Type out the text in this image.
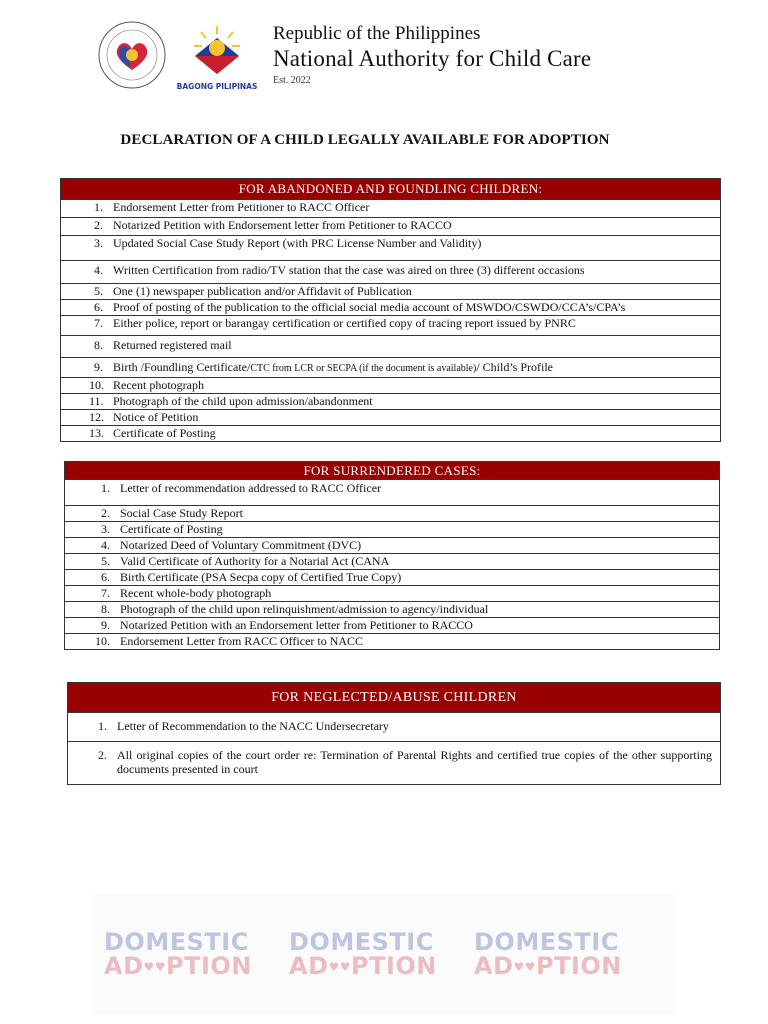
BAGONG PILIPINAS
Republic of the Philippines
National Authority for Child Care
Est. 2022
DECLARATION OF A CHILD LEGALLY AVAILABLE FOR ADOPTION
FOR ABANDONED AND FOUNDLING CHILDREN:
1. Endorsement Letter from Petitioner to RACC Officer
2. Notarized Petition with Endorsement letter from Petitioner to RACCO
3. Updated Social Case Study Report (with PRC License Number and Validity)
4. Written Certification from radio/TV station that the case was aired on three (3) different occasions
5. One (1) newspaper publication and/or Affidavit of Publication
6. Proof of posting of the publication to the official social media account of MSWDO/CSWDO/CCA’s/CPA’s
7. Either police, report or barangay certification or certified copy of tracing report issued by PNRC
8. Returned registered mail
9. Birth /Foundling Certificate/CTC from LCR or SECPA (if the document is available)/ Child’s Profile
10. Recent photograph
11. Photograph of the child upon admission/abandonment
12. Notice of Petition
13. Certificate of Posting
FOR SURRENDERED CASES:
1. Letter of recommendation addressed to RACC Officer
2. Social Case Study Report
3. Certificate of Posting
4. Notarized Deed of Voluntary Commitment (DVC)
5. Valid Certificate of Authority for a Notarial Act (CANA
6. Birth Certificate (PSA Secpa copy of Certified True Copy)
7. Recent whole-body photograph
8. Photograph of the child upon relinquishment/admission to agency/individual
9. Notarized Petition with an Endorsement letter from Petitioner to RACCO
10. Endorsement Letter from RACC Officer to NACC
FOR NEGLECTED/ABUSE CHILDREN

1. Letter of Recommendation to the NACC Undersecretary

2. All original copies of the court order re: Termination of Parental Rights and certified true copies of the other supporting documents presented in court
DOMESTIC
AD♥♥PTION
DOMESTIC
AD♥♥PTION
DOMESTIC
AD♥♥PTION
